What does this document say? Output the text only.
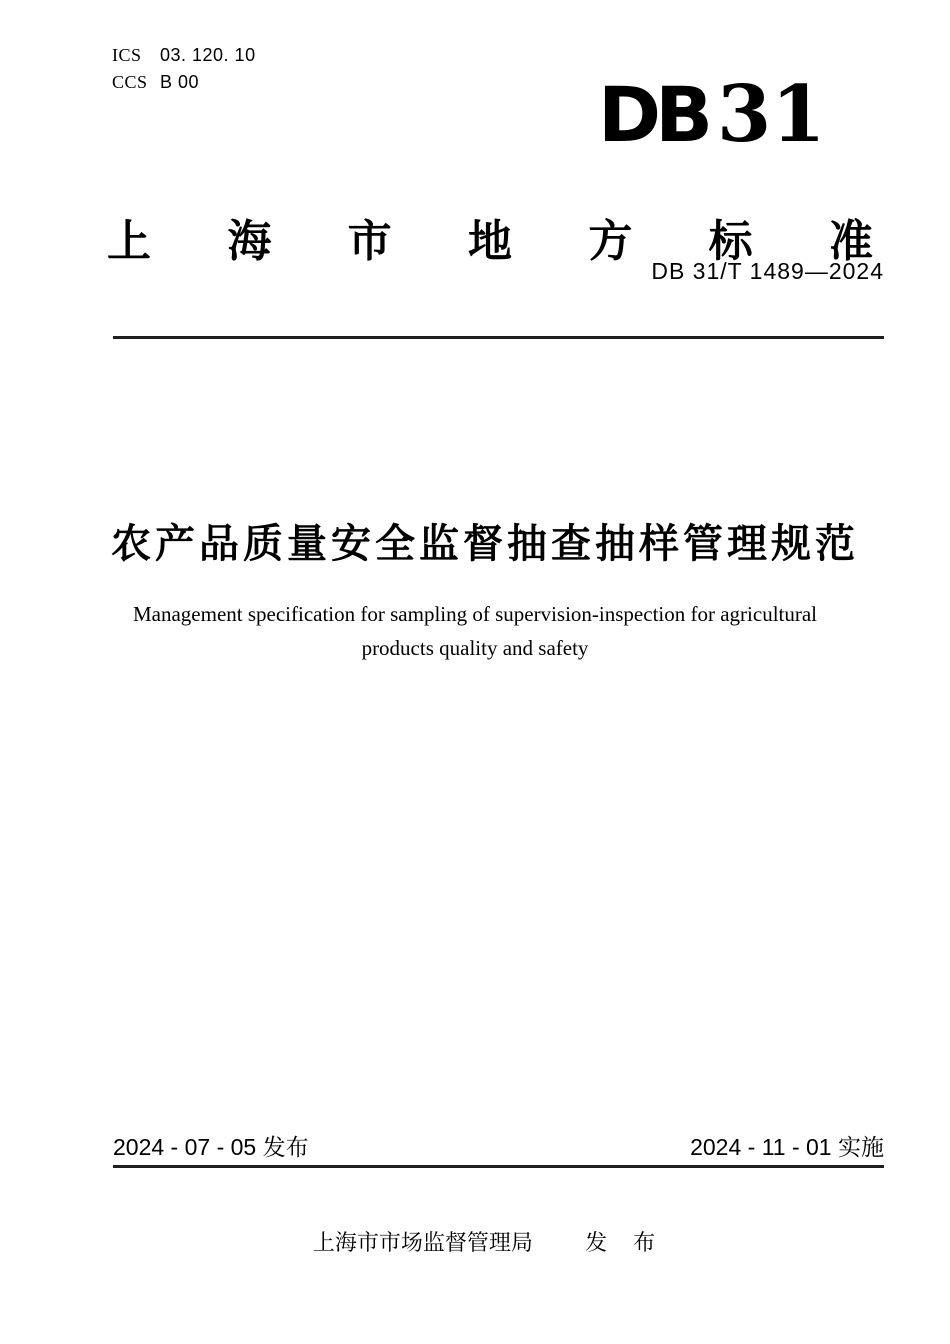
ICS	03. 120. 10
CCS B 00	DB 31
上 海 市 地 方 标 准
DB 31/T 1489—2024
农产品质量安全监督抽查抽样管理规范
Management specification for sampling of supervision-inspection for agricultural
products quality and safety
2024 - 07 - 05 发布	2024 - 11 - 01 实施
上海市市场监督管理局 发　布
